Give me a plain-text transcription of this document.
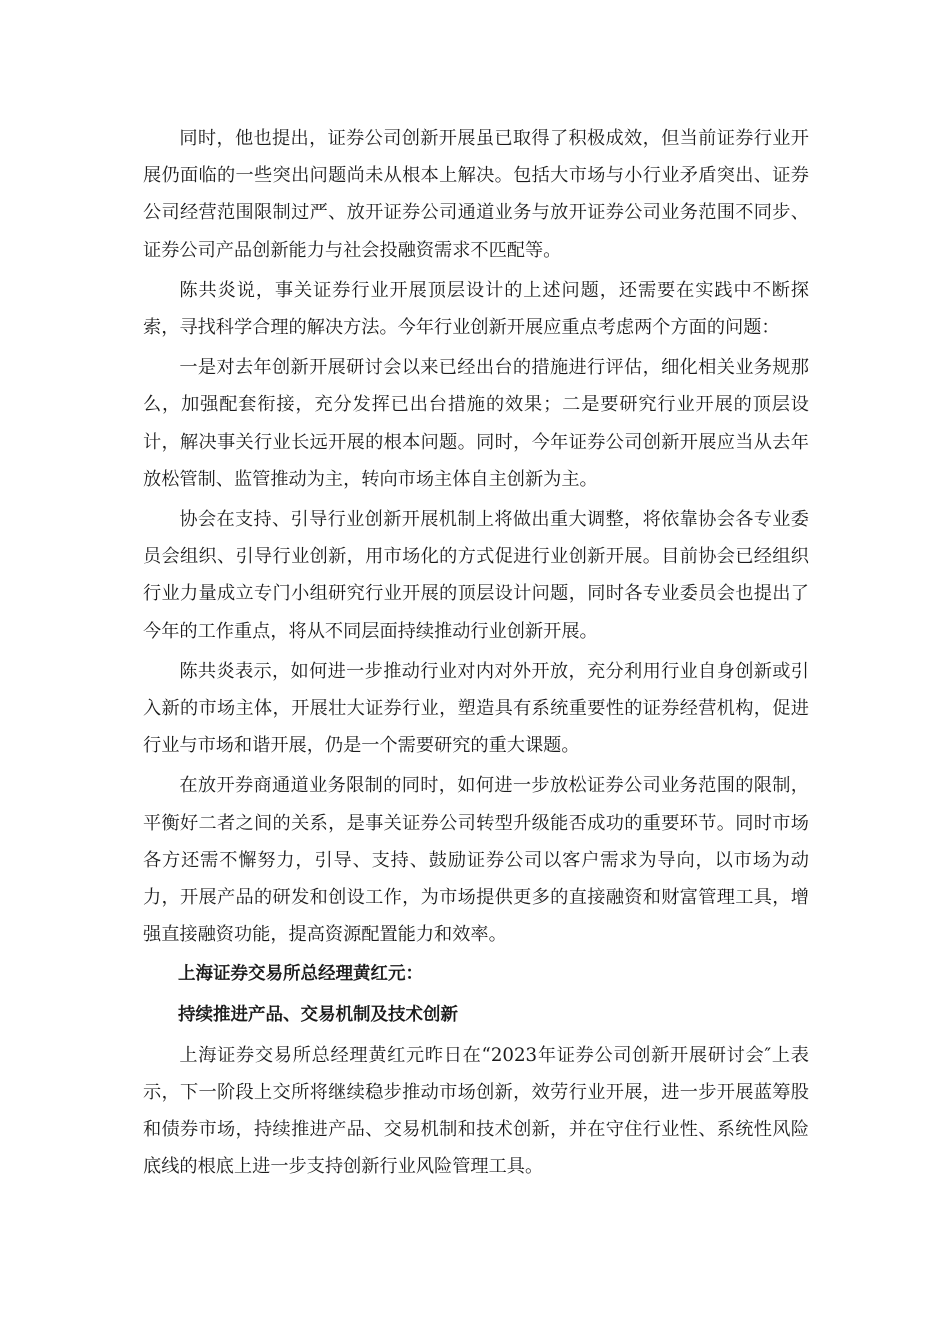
同时，他也提出，证券公司创新开展虽已取得了积极成效，但当前证券行业开展仍面临的一些突出问题尚未从根本上解决。包括大市场与小行业矛盾突出、证券公司经营范围限制过严、放开证券公司通道业务与放开证券公司业务范围不同步、证券公司产品创新能力与社会投融资需求不匹配等。

陈共炎说，事关证券行业开展顶层设计的上述问题，还需要在实践中不断探索，寻找科学合理的解决方法。今年行业创新开展应重点考虑两个方面的问题：

一是对去年创新开展研讨会以来已经出台的措施进行评估，细化相关业务规那么，加强配套衔接，充分发挥已出台措施的效果；二是要研究行业开展的顶层设计，解决事关行业长远开展的根本问题。同时，今年证券公司创新开展应当从去年放松管制、监管推动为主，转向市场主体自主创新为主。

协会在支持、引导行业创新开展机制上将做出重大调整，将依靠协会各专业委员会组织、引导行业创新，用市场化的方式促进行业创新开展。目前协会已经组织行业力量成立专门小组研究行业开展的顶层设计问题，同时各专业委员会也提出了今年的工作重点，将从不同层面持续推动行业创新开展。

陈共炎表示，如何进一步推动行业对内对外开放，充分利用行业自身创新或引入新的市场主体，开展壮大证券行业，塑造具有系统重要性的证券经营机构，促进行业与市场和谐开展，仍是一个需要研究的重大课题。

在放开券商通道业务限制的同时，如何进一步放松证券公司业务范围的限制，平衡好二者之间的关系，是事关证券公司转型升级能否成功的重要环节。同时市场各方还需不懈努力，引导、支持、鼓励证券公司以客户需求为导向，以市场为动力，开展产品的研发和创设工作，为市场提供更多的直接融资和财富管理工具，增强直接融资功能，提高资源配置能力和效率。

上海证券交易所总经理黄红元：

持续推进产品、交易机制及技术创新

上海证券交易所总经理黄红元昨日在“2023年证券公司创新开展研讨会″上表示，下一阶段上交所将继续稳步推动市场创新，效劳行业开展，进一步开展蓝筹股和债券市场，持续推进产品、交易机制和技术创新，并在守住行业性、系统性风险底线的根底上进一步支持创新行业风险管理工具。
